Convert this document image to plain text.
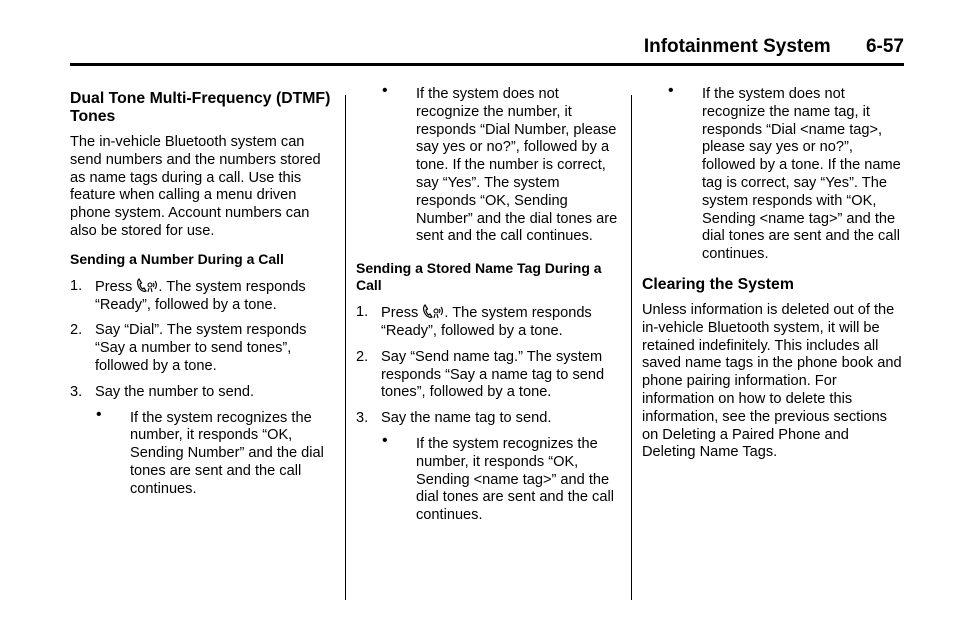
Infotainment System 6-57
Dual Tone Multi-Frequency (DTMF) Tones

The in-vehicle Bluetooth system can send numbers and the numbers stored as name tags during a call. Use this feature when calling a menu driven phone system. Account numbers can also be stored for use.

Sending a Number During a Call
1. Press . The system responds “Ready”, followed by a tone.
2. Say “Dial”. The system responds “Say a number to send tones”, followed by a tone.
3. Say the number to send.
• If the system recognizes the number, it responds “OK, Sending Number” and the dial tones are sent and the call continues.
• If the system does not recognize the number, it responds “Dial Number, please say yes or no?”, followed by a tone. If the number is correct, say “Yes”. The system responds “OK, Sending Number” and the dial tones are sent and the call continues.
Sending a Stored Name Tag During a Call
1. Press . The system responds “Ready”, followed by a tone.
2. Say “Send name tag.” The system responds “Say a name tag to send tones”, followed by a tone.
3. Say the name tag to send.
• If the system recognizes the number, it responds “OK, Sending <name tag>” and the dial tones are sent and the call continues.
• If the system does not recognize the name tag, it responds “Dial <name tag>, please say yes or no?”, followed by a tone. If the name tag is correct, say “Yes”. The system responds with “OK, Sending <name tag>” and the dial tones are sent and the call continues.
Clearing the System

Unless information is deleted out of the in-vehicle Bluetooth system, it will be retained indefinitely. This includes all saved name tags in the phone book and phone pairing information. For information on how to delete this information, see the previous sections on Deleting a Paired Phone and Deleting Name Tags.
